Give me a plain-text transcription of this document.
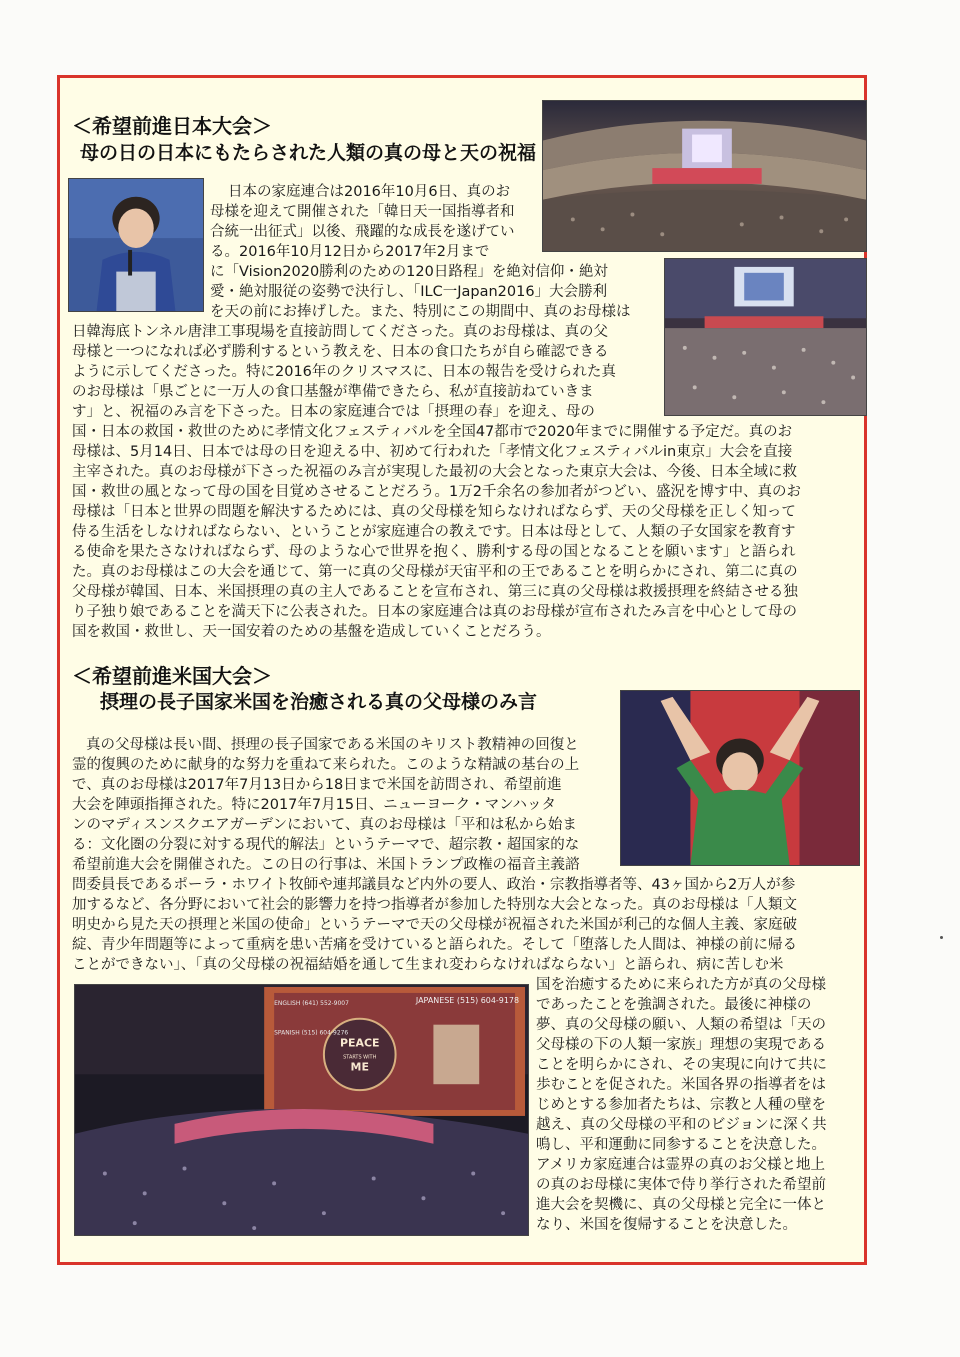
＜希望前進日本大会＞
母の日の日本にもたらされた人類の真の母と天の祝福
日本の家庭連合は2016年10月6日、真のお
母様を迎えて開催された「韓日天一国指導者和
合統一出征式」以後、飛躍的な成長を遂げてい
る。2016年10月12日から2017年2月まで
に「Vision2020勝利のための120日路程」を絶対信仰・絶対
愛・絶対服従の姿勢で決行し、「ILC一Japan2016」大会勝利
を天の前にお捧げした。また、特別にこの期間中、真のお母様は
日韓海底トンネル唐津工事現場を直接訪問してくださった。真のお母様は、真の父
母様と一つになれば必ず勝利するという教えを、日本の食口たちが自ら確認できる
ように示してくださった。特に2016年のクリスマスに、日本の報告を受けられた真
のお母様は「県ごとに一万人の食口基盤が準備できたら、私が直接訪ねていきま
す」と、祝福のみ言を下さった。日本の家庭連合では「摂理の春」を迎え、母の
国・日本の救国・救世のために孝情文化フェスティバルを全国47都市で2020年までに開催する予定だ。真のお
母様は、5月14日、日本では母の日を迎える中、初めて行われた「孝情文化フェスティバルin東京」大会を直接
主宰された。真のお母様が下さった祝福のみ言が実現した最初の大会となった東京大会は、今後、日本全域に救
国・救世の風となって母の国を目覚めさせることだろう。1万2千余名の参加者がつどい、盛況を博す中、真のお
母様は「日本と世界の問題を解決するためには、真の父母様を知らなければならず、天の父母様を正しく知って
侍る生活をしなければならない、ということが家庭連合の教えです。日本は母として、人類の子女国家を教育す
る使命を果たさなければならず、母のような心で世界を抱く、勝利する母の国となることを願います」と語られ
た。真のお母様はこの大会を通じて、第一に真の父母様が天宙平和の王であることを明らかにされ、第二に真の
父母様が韓国、日本、米国摂理の真の主人であることを宣布され、第三に真の父母様は救援摂理を終結させる独
り子独り娘であることを満天下に公表された。日本の家庭連合は真のお母様が宣布されたみ言を中心として母の
国を救国・救世し、天一国安着のための基盤を造成していくことだろう。
＜希望前進米国大会＞
摂理の長子国家米国を治癒される真の父母様のみ言
PEACE
STARTS WITH
ME
JAPANESE (515) 604-9178
ENGLISH (641) 552-9007
SPANISH (515) 604-9276
真の父母様は長い間、摂理の長子国家である米国のキリスト教精神の回復と
霊的復興のために献身的な努力を重ねて来られた。このような精誠の基台の上
で、真のお母様は2017年7月13日から18日まで米国を訪問され、希望前進
大会を陣頭指揮された。特に2017年7月15日、ニューヨーク・マンハッタ
ンのマディスンスクエアガーデンにおいて、真のお母様は「平和は私から始ま
る：文化圏の分裂に対する現代的解法」というテーマで、超宗教・超国家的な
希望前進大会を開催された。この日の行事は、米国トランプ政権の福音主義諮
問委員長であるポーラ・ホワイト牧師や連邦議員など内外の要人、政治・宗教指導者等、43ヶ国から2万人が参
加するなど、各分野において社会的影響力を持つ指導者が参加した特別な大会となった。真のお母様は「人類文
明史から見た天の摂理と米国の使命」というテーマで天の父母様が祝福された米国が利己的な個人主義、家庭破
綻、青少年問題等によって重病を患い苦痛を受けていると語られた。そして「堕落した人間は、神様の前に帰る
ことができない」、「真の父母様の祝福結婚を通して生まれ変わらなければならない」と語られ、病に苦しむ米
国を治癒するために来られた方が真の父母様
であったことを強調された。最後に神様の
夢、真の父母様の願い、人類の希望は「天の
父母様の下の人類一家族」理想の実現である
ことを明らかにされ、その実現に向けて共に
歩むことを促された。米国各界の指導者をは
じめとする参加者たちは、宗教と人種の壁を
越え、真の父母様の平和のビジョンに深く共
鳴し、平和運動に同参することを決意した。
アメリカ家庭連合は霊界の真のお父様と地上
の真のお母様に実体で侍り挙行された希望前
進大会を契機に、真の父母様と完全に一体と
なり、米国を復帰することを決意した。
